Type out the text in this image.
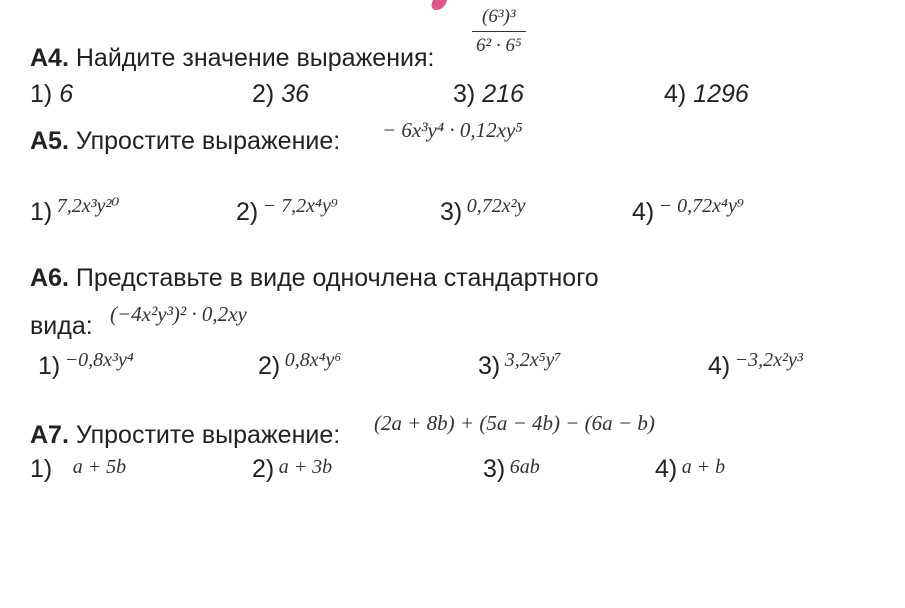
А4. Найдите значение выражения:
$\frac{\text{(6³)³}}{\text{6² · 6⁵}}$
1) 6	2) 36	3) 216	4) 1296
А5. Упростите выражение: − 6x³y⁴ · 0,12xy⁵
1) 7,2x³y²⁰	2) − 7,2x⁴y⁹	3) 0,72x²y	4) − 0,72x⁴y⁹
А6. Представьте в виде одночлена стандартного
вида: (−4x²y³)² · 0,2xy
1) −0,8x³y⁴	2) 0,8x⁴y⁶	3) 3,2x⁵y⁷	4) −3,2x²y³
А7. Упростите выражение: (2a + 8b) + (5a − 4b) − (6a − b)
1) a + 5b	2) a + 3b	3) 6ab	4) a + b
